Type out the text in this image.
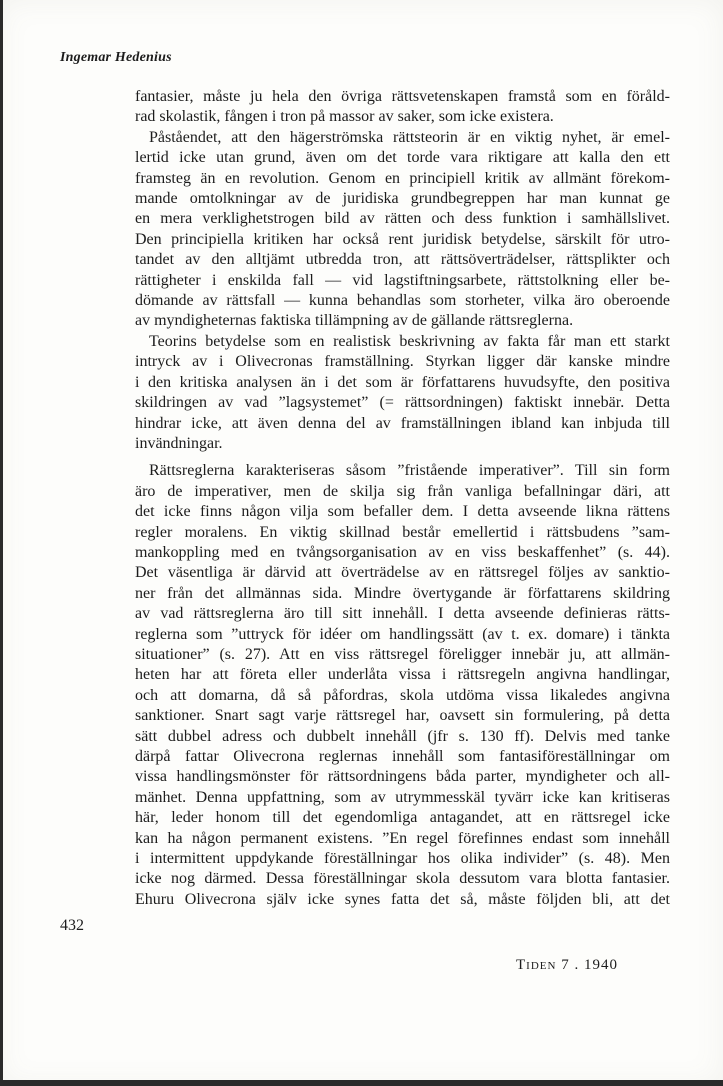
Ingemar Hedenius
fantasier, måste ju hela den övriga rättsvetenskapen framstå som en föråld-
rad skolastik, fången i tron på massor av saker, som icke existera.
Påståendet, att den hägerströmska rättsteorin är en viktig nyhet, är emel-
lertid icke utan grund, även om det torde vara riktigare att kalla den ett
framsteg än en revolution. Genom en principiell kritik av allmänt förekom-
mande omtolkningar av de juridiska grundbegreppen har man kunnat ge
en mera verklighetstrogen bild av rätten och dess funktion i samhällslivet.
Den principiella kritiken har också rent juridisk betydelse, särskilt för utro-
tandet av den alltjämt utbredda tron, att rättsöverträdelser, rättsplikter och
rättigheter i enskilda fall — vid lagstiftningsarbete, rättstolkning eller be-
dömande av rättsfall — kunna behandlas som storheter, vilka äro oberoende
av myndigheternas faktiska tillämpning av de gällande rättsreglerna.
Teorins betydelse som en realistisk beskrivning av fakta får man ett starkt
intryck av i Olivecronas framställning. Styrkan ligger där kanske mindre
i den kritiska analysen än i det som är författarens huvudsyfte, den positiva
skildringen av vad ”lagsystemet” (= rättsordningen) faktiskt innebär. Detta
hindrar icke, att även denna del av framställningen ibland kan inbjuda till
invändningar.
Rättsreglerna karakteriseras såsom ”fristående imperativer”. Till sin form
äro de imperativer, men de skilja sig från vanliga befallningar däri, att
det icke finns någon vilja som befaller dem. I detta avseende likna rättens
regler moralens. En viktig skillnad består emellertid i rättsbudens ”sam-
mankoppling med en tvångsorganisation av en viss beskaffenhet” (s. 44).
Det väsentliga är därvid att överträdelse av en rättsregel följes av sanktio-
ner från det allmännas sida. Mindre övertygande är författarens skildring
av vad rättsreglerna äro till sitt innehåll. I detta avseende definieras rätts-
reglerna som ”uttryck för idéer om handlingssätt (av t. ex. domare) i tänkta
situationer” (s. 27). Att en viss rättsregel föreligger innebär ju, att allmän-
heten har att företa eller underlåta vissa i rättsregeln angivna handlingar,
och att domarna, då så påfordras, skola utdöma vissa likaledes angivna
sanktioner. Snart sagt varje rättsregel har, oavsett sin formulering, på detta
sätt dubbel adress och dubbelt innehåll (jfr s. 130 ff). Delvis med tanke
därpå fattar Olivecrona reglernas innehåll som fantasiföreställningar om
vissa handlingsmönster för rättsordningens båda parter, myndigheter och all-
mänhet. Denna uppfattning, som av utrymmesskäl tyvärr icke kan kritiseras
här, leder honom till det egendomliga antagandet, att en rättsregel icke
kan ha någon permanent existens. ”En regel förefinnes endast som innehåll
i intermittent uppdykande föreställningar hos olika individer” (s. 48). Men
icke nog därmed. Dessa föreställningar skola dessutom vara blotta fantasier.
Ehuru Olivecrona själv icke synes fatta det så, måste följden bli, att det
432
Tiden 7 . 1940
